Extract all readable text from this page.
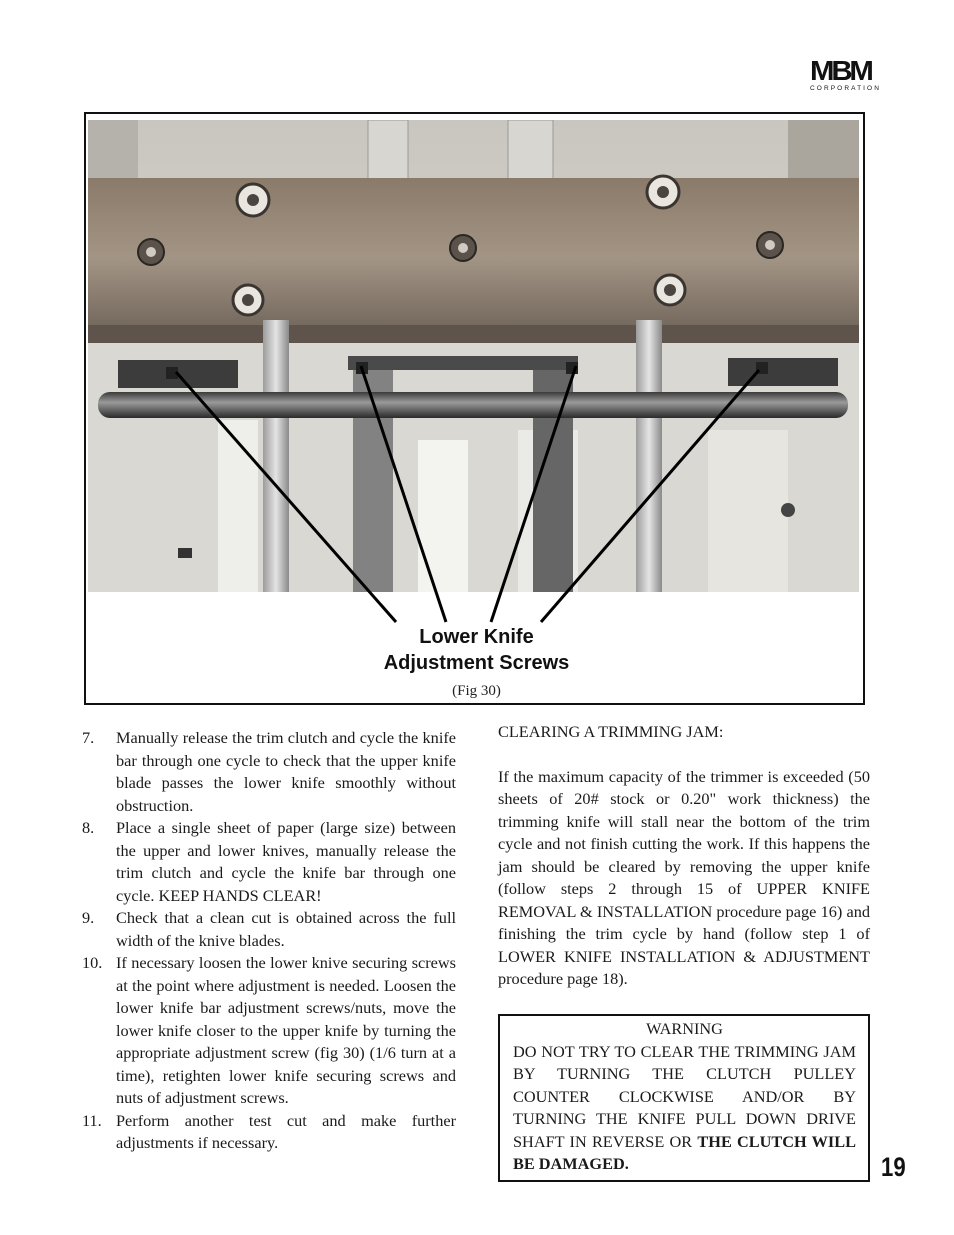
MBM
CORPORATION
Lower Knife
Adjustment Screws
(Fig 30)
7.	Manually release the trim clutch and cycle the knife bar through one cycle to check that the upper knife blade passes the lower knife smoothly without obstruction.
8.	Place a single sheet of paper (large size) between the upper and lower knives, manually release the trim clutch and cycle the knife bar through one cycle. KEEP HANDS CLEAR!
9.	Check that a clean cut is obtained across the full width of the knive blades.
10. If necessary loosen the lower knive securing screws at the point where adjustment is needed. Loosen the lower knife bar adjustment screws/nuts, move the lower knife closer to the upper knife by turning the appropriate adjustment screw (fig 30) (1/6 turn at a time), retighten lower knife securing screws and nuts of adjustment screws.
11. Perform another test cut and make further adjustments if necessary.

CLEARING A TRIMMING JAM:

If the maximum capacity of the trimmer is exceeded (50 sheets of 20# stock or 0.20" work thickness) the trimming knife will stall near the bottom of the trim cycle and not finish cutting the work. If this happens the jam should be cleared by removing the upper knife (follow steps 2 through 15 of UPPER KNIFE REMOVAL & INSTALLATION procedure page 16) and finishing the trim cycle by hand (follow step 1 of LOWER KNIFE INSTALLATION & ADJUSTMENT procedure page 18).

WARNING
DO NOT TRY TO CLEAR THE TRIMMING JAM BY TURNING THE CLUTCH PULLEY COUNTER CLOCKWISE AND/OR BY TURNING THE KNIFE PULL DOWN DRIVE SHAFT IN REVERSE OR THE CLUTCH WILL BE DAMAGED.	19
